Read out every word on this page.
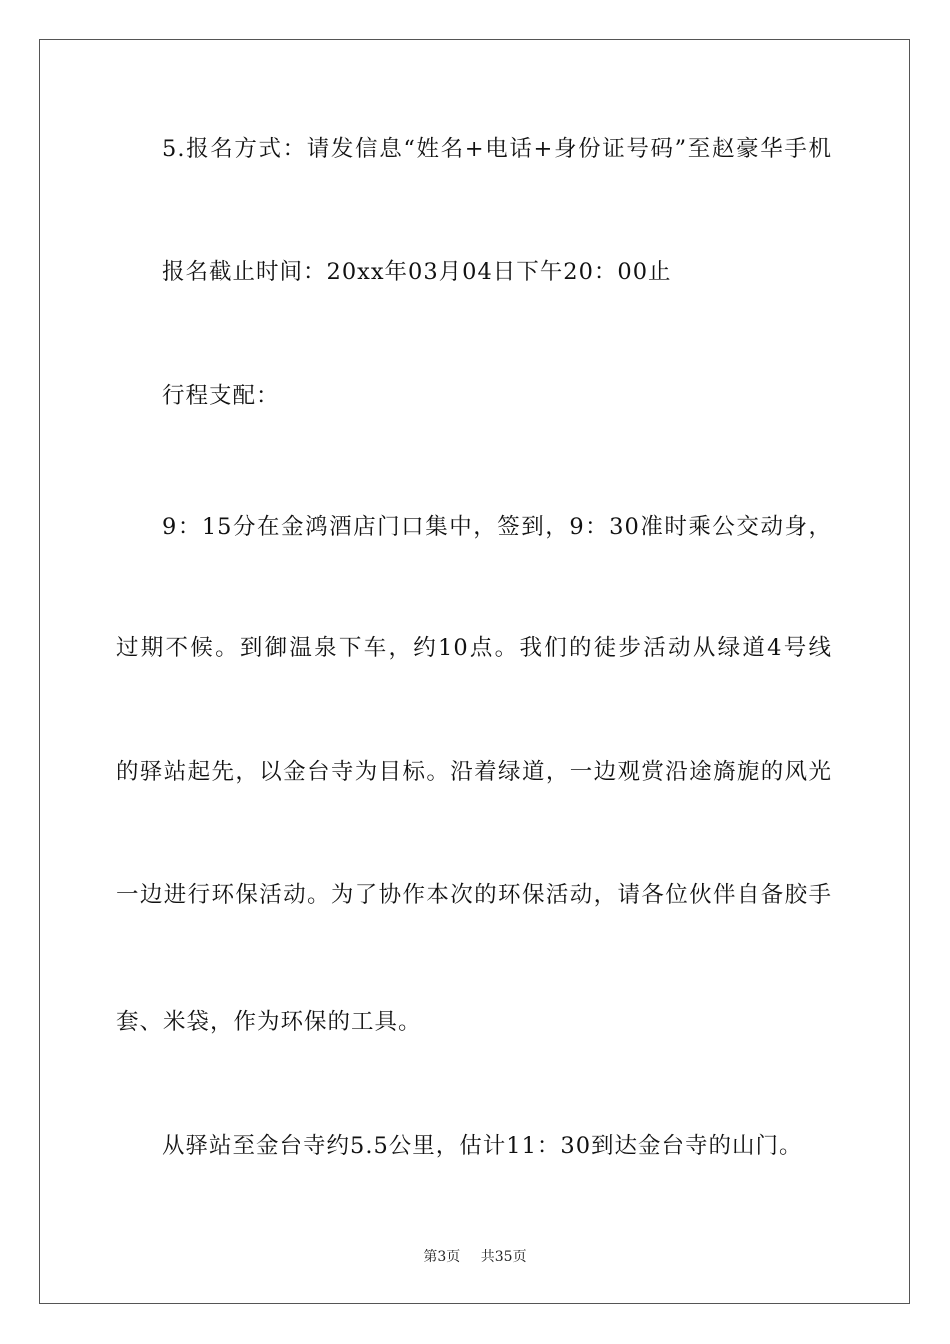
5.报名方式：请发信息“姓名+电话+身份证号码”至赵豪华手机
报名截止时间：20xx年03月04日下午20：00止
行程支配：
9：15分在金鸿酒店门口集中，签到，9：30准时乘公交动身，
过期不候。到御温泉下车，约10点。我们的徒步活动从绿道4号线
的驿站起先，以金台寺为目标。沿着绿道，一边观赏沿途旖旎的风光
一边进行环保活动。为了协作本次的环保活动，请各位伙伴自备胶手
套、米袋，作为环保的工具。
从驿站至金台寺约5.5公里，估计11：30到达金台寺的山门。
第3页 共35页
